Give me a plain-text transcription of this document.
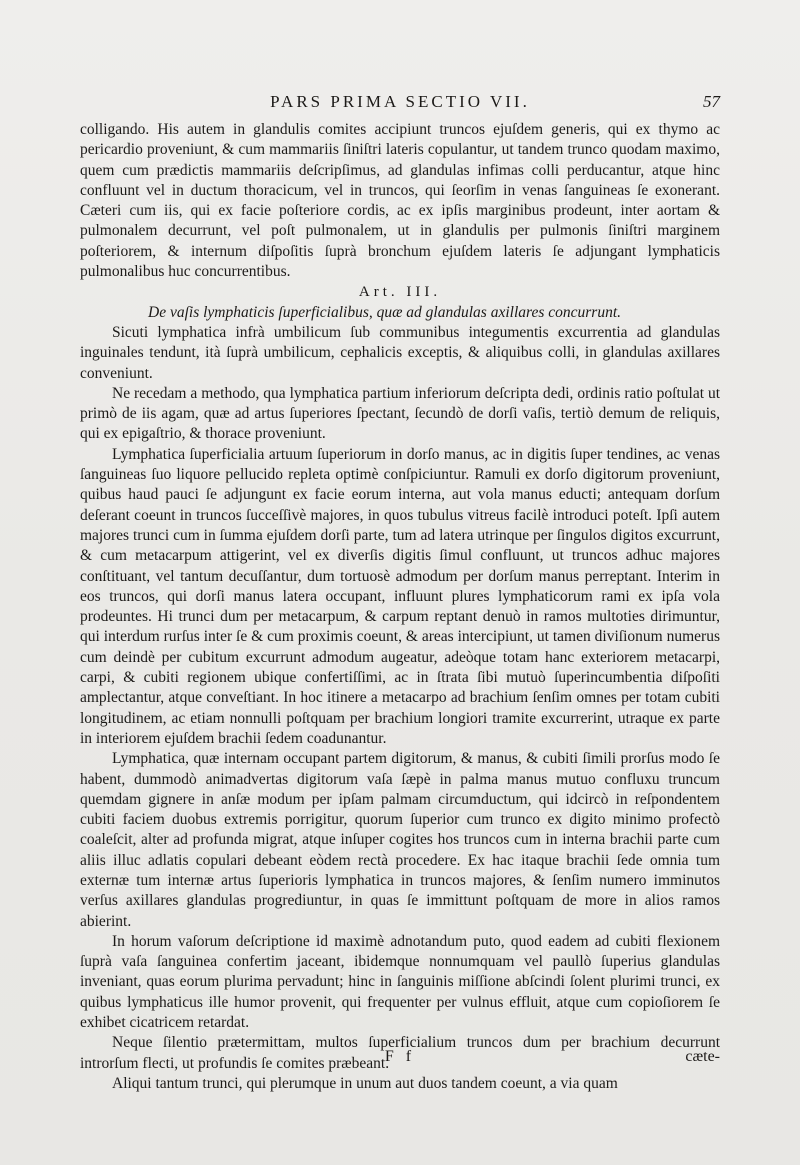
PARS PRIMA SECTIO VII.	57

colligando. His autem in glandulis comites accipiunt truncos ejuſdem generis, qui ex thymo ac pericardio proveniunt, & cum mammariis ſiniſtri lateris copulantur, ut tandem trunco quodam maximo, quem cum prædictis mammariis deſcripſimus, ad glandulas infimas colli perducantur, atque hinc confluunt vel in ductum thoracicum, vel in truncos, qui ſeorſim in venas ſanguineas ſe exonerant. Cæteri cum iis, qui ex facie poſteriore cordis, ac ex ipſis marginibus prodeunt, inter aortam & pulmonalem decurrunt, vel poſt pulmonalem, ut in glandulis per pulmonis ſiniſtri marginem poſteriorem, & internum diſpoſitis ſuprà bronchum ejuſdem lateris ſe adjungant lymphaticis pulmonalibus huc concurrentibus.

Art. III.

De vaſis lymphaticis ſuperficialibus, quæ ad glandulas axillares concurrunt.

Sicuti lymphatica infrà umbilicum ſub communibus integumentis excurrentia ad glandulas inguinales tendunt, ità ſuprà umbilicum, cephalicis exceptis, & aliquibus colli, in glandulas axillares conveniunt.

Ne recedam a methodo, qua lymphatica partium inferiorum deſcripta dedi, ordinis ratio poſtulat ut primò de iis agam, quæ ad artus ſuperiores ſpectant, ſecundò de dorſi vaſis, tertiò demum de reliquis, qui ex epigaſtrio, & thorace proveniunt.

Lymphatica ſuperficialia artuum ſuperiorum in dorſo manus, ac in digitis ſuper tendines, ac venas ſanguineas ſuo liquore pellucido repleta optimè conſpiciuntur. Ramuli ex dorſo digitorum proveniunt, quibus haud pauci ſe adjungunt ex facie eorum interna, aut vola manus educti; antequam dorſum deſerant coeunt in truncos ſucceſſivè majores, in quos tubulus vitreus facilè introduci poteſt. Ipſi autem majores trunci cum in ſumma ejuſdem dorſi parte, tum ad latera utrinque per ſingulos digitos excurrunt, & cum metacarpum attigerint, vel ex diverſis digitis ſimul confluunt, ut truncos adhuc majores conſtituant, vel tantum decuſſantur, dum tortuosè admodum per dorſum manus perreptant. Interim in eos truncos, qui dorſi manus latera occupant, influunt plures lymphaticorum rami ex ipſa vola prodeuntes. Hi trunci dum per metacarpum, & carpum reptant denuò in ramos multoties dirimuntur, qui interdum rurſus inter ſe & cum proximis coeunt, & areas intercipiunt, ut tamen diviſionum numerus cum deindè per cubitum excurrunt admodum augeatur, adeòque totam hanc exteriorem metacarpi, carpi, & cubiti regionem ubique confertiſſimi, ac in ſtrata ſibi mutuò ſuperincumbentia diſpoſiti amplectantur, atque conveſtiant. In hoc itinere a metacarpo ad brachium ſenſim omnes per totam cubiti longitudinem, ac etiam nonnulli poſtquam per brachium longiori tramite excurrerint, utraque ex parte in interiorem ejuſdem brachii ſedem coadunantur.

Lymphatica, quæ internam occupant partem digitorum, & manus, & cubiti ſimili prorſus modo ſe habent, dummodò animadvertas digitorum vaſa ſæpè in palma manus mutuo confluxu truncum quemdam gignere in anſæ modum per ipſam palmam circumductum, qui idcircò in reſpondentem cubiti faciem duobus extremis porrigitur, quorum ſuperior cum trunco ex digito minimo profectò coaleſcit, alter ad profunda migrat, atque inſuper cogites hos truncos cum in interna brachii parte cum aliis illuc adlatis copulari debeant eòdem rectà procedere. Ex hac itaque brachii ſede omnia tum externæ tum internæ artus ſuperioris lymphatica in truncos majores, & ſenſim numero imminutos verſus axillares glandulas progrediuntur, in quas ſe immittunt poſtquam de more in alios ramos abierint.

In horum vaſorum deſcriptione id maximè adnotandum puto, quod eadem ad cubiti flexionem ſuprà vaſa ſanguinea confertim jaceant, ibidemque nonnumquam vel paullò ſuperius glandulas inveniant, quas eorum plurima pervadunt; hinc in ſanguinis miſſione abſcindi ſolent plurimi trunci, ex quibus lymphaticus ille humor provenit, qui frequenter per vulnus effluit, atque cum copioſiorem ſe exhibet cicatricem retardat.

Neque ſilentio prætermittam, multos ſuperficialium truncos dum per brachium decurrunt introrſum flecti, ut profundis ſe comites præbeant.

Aliqui tantum trunci, qui plerumque in unum aut duos tandem coeunt, a via quam

F f	cæte-
